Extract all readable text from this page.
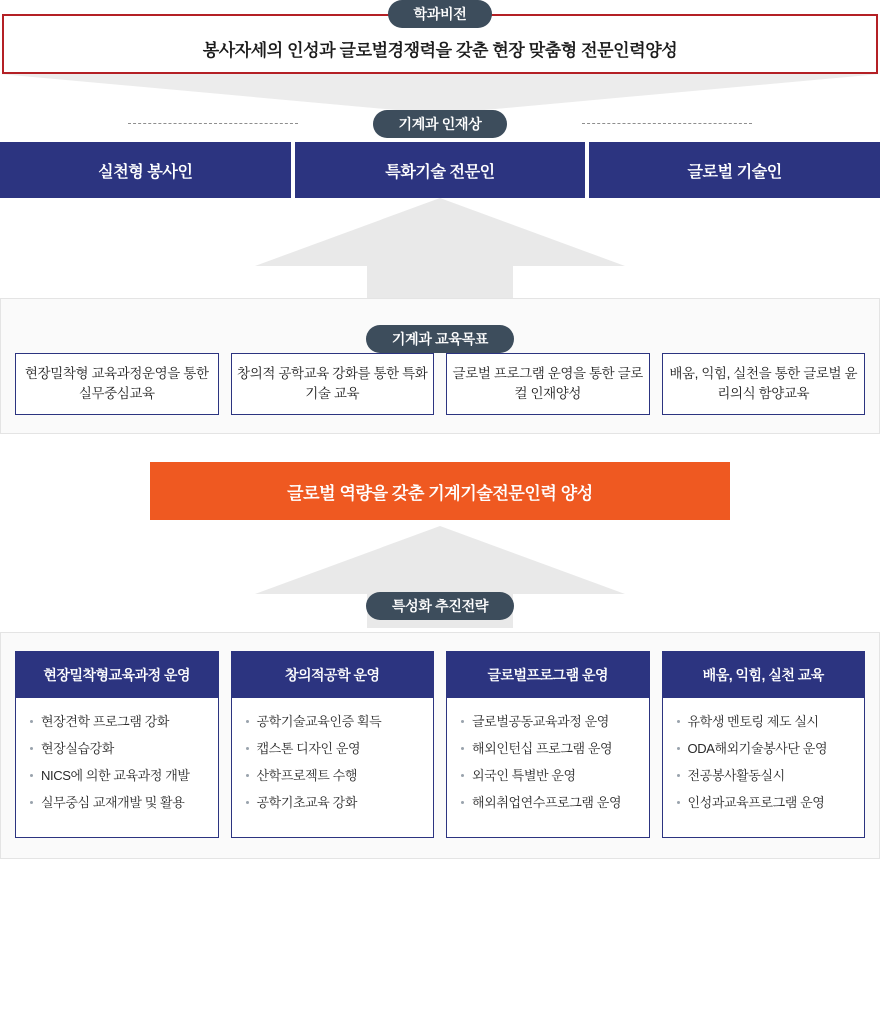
학과비전
봉사자세의 인성과 글로벌경쟁력을 갖춘 현장 맞춤형 전문인력양성
기계과 인재상
실천형 봉사인	특화기술 전문인	글로벌 기술인
기계과 교육목표
현장밀착형 교육과정운영을 통한 실무중심교육
창의적 공학교육 강화를 통한 특화기술 교육
글로벌 프로그램 운영을 통한 글로컬 인재양성
배움, 익힘, 실천을 통한 글로벌 윤리의식 함양교육
글로벌 역량을 갖춘 기계기술전문인력 양성
특성화 추진전략
현장밀착형교육과정 운영
현장견학 프로그램 강화
현장실습강화
NICS에 의한 교육과정 개발
실무중심 교재개발 및 활용
창의적공학 운영
공학기술교육인증 획득
캡스톤 디자인 운영
산학프로젝트 수행
공학기초교육 강화
글로벌프로그램 운영
글로벌공동교육과정 운영
해외인턴십 프로그램 운영
외국인 특별반 운영
해외취업연수프로그램 운영
배움, 익힘, 실천 교육
유학생 멘토링 제도 실시
ODA해외기술봉사단 운영
전공봉사활동실시
인성과교육프로그램 운영
